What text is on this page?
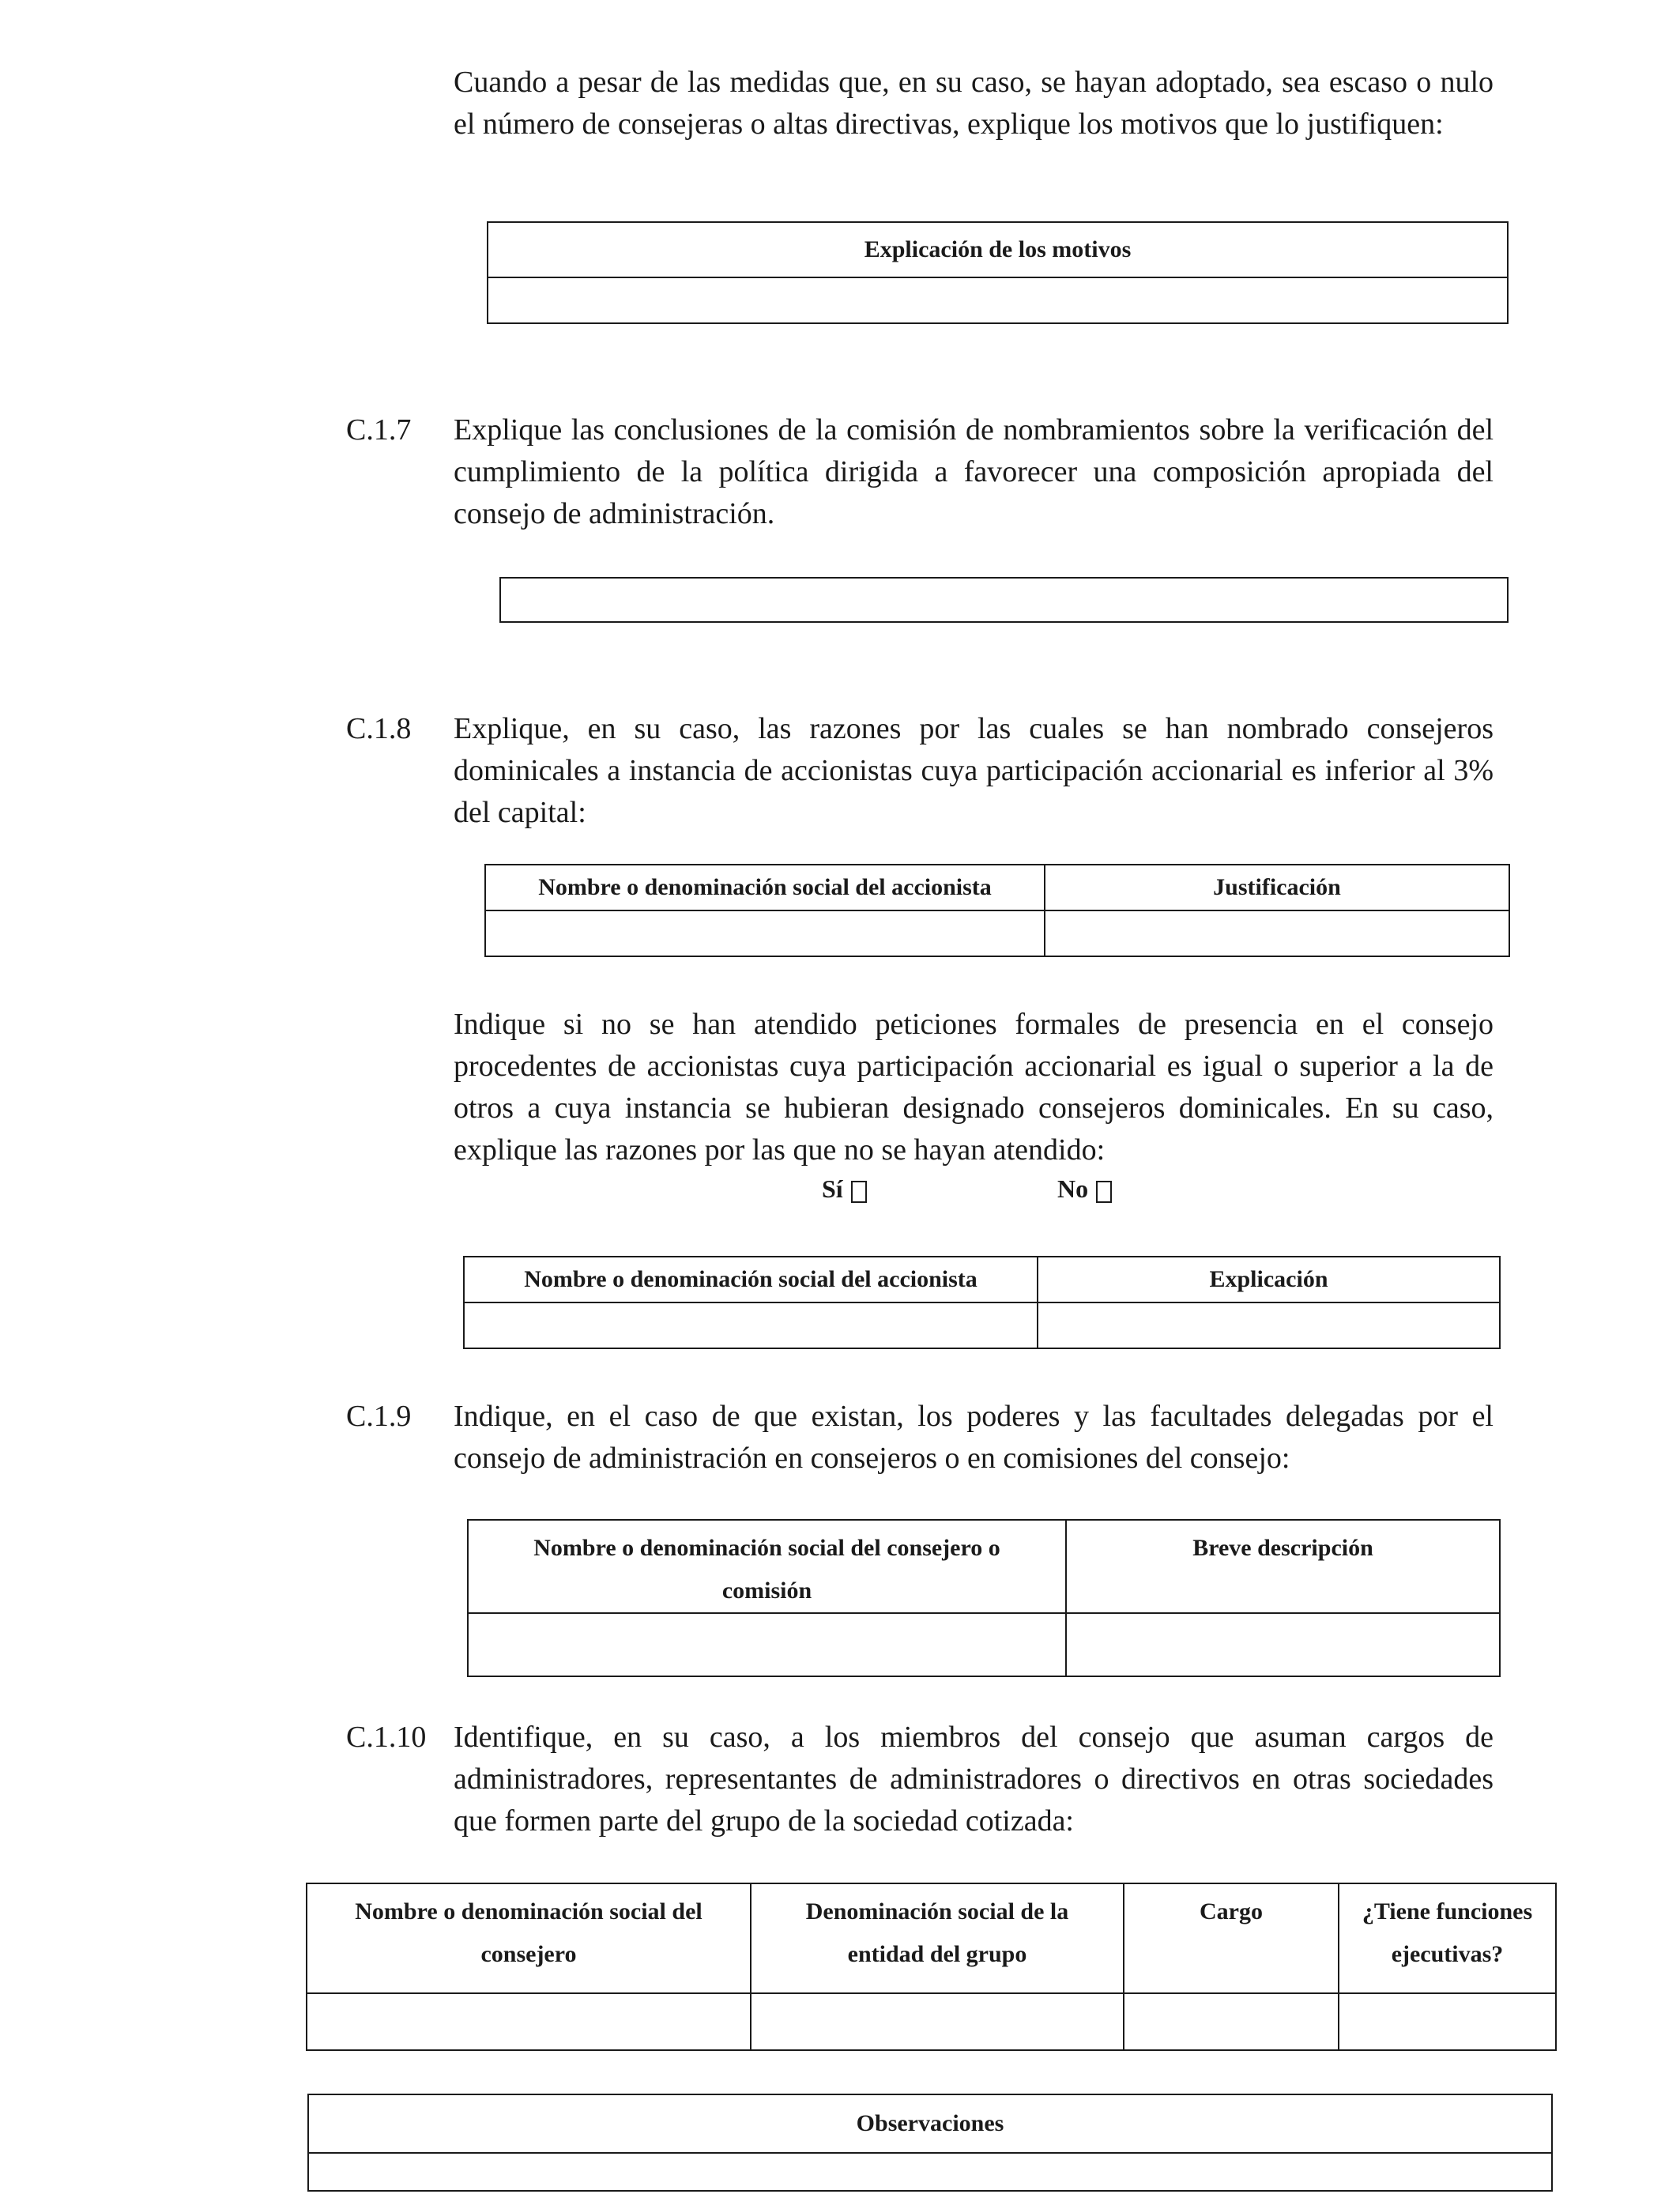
Cuando a pesar de las medidas que, en su caso, se hayan adoptado, sea escaso o nulo el número de consejeras o altas directivas, explique los motivos que lo justifiquen:

Explicación de los motivos

C.1.7 Explique las conclusiones de la comisión de nombramientos sobre la verificación del cumplimiento de la política dirigida a favorecer una composición apropiada del consejo de administración.

C.1.8 Explique, en su caso, las razones por las cuales se han nombrado consejeros dominicales a instancia de accionistas cuya participación accionarial es inferior al 3% del capital:

Nombre o denominación social del accionista	Justificación

Indique si no se han atendido peticiones formales de presencia en el consejo procedentes de accionistas cuya participación accionarial es igual o superior a la de otros a cuya instancia se hubieran designado consejeros dominicales. En su caso, explique las razones por las que no se hayan atendido:

Sí	No
Nombre o denominación social del accionista	Explicación

C.1.9 Indique, en el caso de que existan, los poderes y las facultades delegadas por el consejo de administración en consejeros o en comisiones del consejo:

Nombre o denominación social del consejero o comisión	Breve descripción

C.1.10 Identifique, en su caso, a los miembros del consejo que asuman cargos de administradores, representantes de administradores o directivos en otras sociedades que formen parte del grupo de la sociedad cotizada:

Nombre o denominación social del consejero	Denominación social de la entidad del grupo	Cargo	¿Tiene funciones ejecutivas?

Observaciones
